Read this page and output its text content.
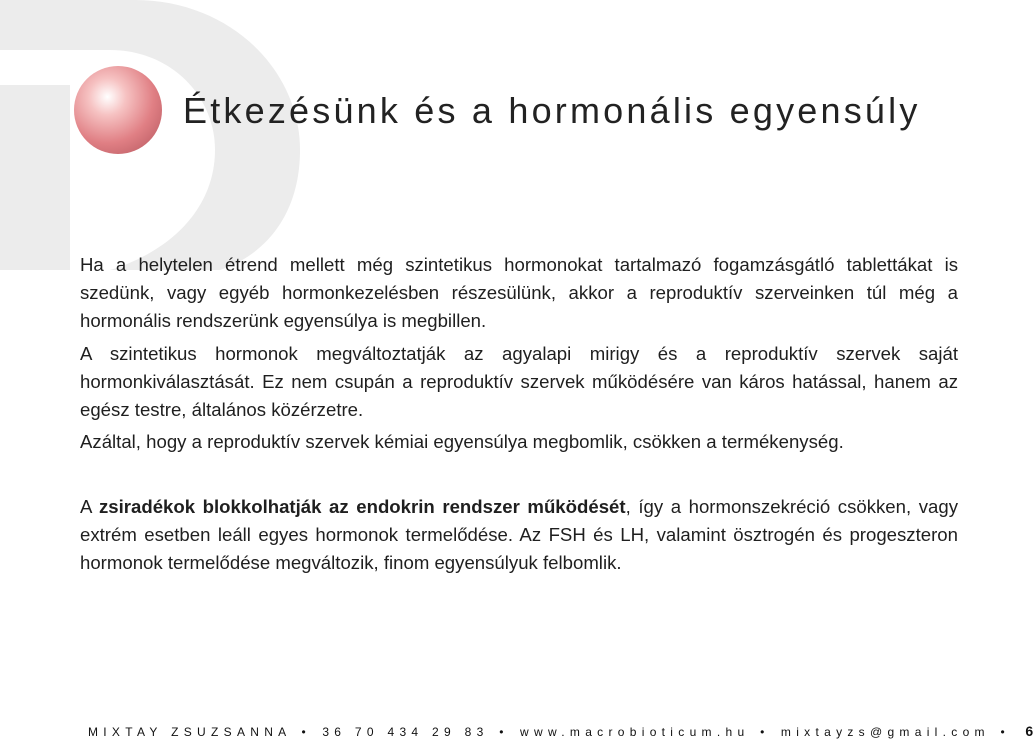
Étkezésünk és a hormonális egyensúly

Ha a helytelen étrend mellett még szintetikus hormonokat tartalmazó fogamzásgátló tablettákat is szedünk, vagy egyéb hormonkezelésben részesülünk, akkor a reproduktív szerveinken túl még a hormonális rendszerünk egyensúlya is megbillen.

A szintetikus hormonok megváltoztatják az agyalapi mirigy és a reproduktív szervek saját hormonkiválasztását. Ez nem csupán a reproduktív szervek működésére van káros hatással, hanem az egész testre, általános közérzetre.

Azáltal, hogy a reproduktív szervek kémiai egyensúlya megbomlik, csökken a termékenység.

A zsiradékok blokkolhatják az endokrin rendszer működését, így a hormonszekréció csökken, vagy extrém esetben leáll egyes hormonok termelődése. Az FSH és LH, valamint ösztrogén és progeszteron hormonok termelődése megváltozik, finom egyensúlyuk felbomlik.

MIXTAY ZSUZSANNA • 36 70 434 29 83 • www.macrobioticum.hu • mixtayzs@gmail.com • 6
